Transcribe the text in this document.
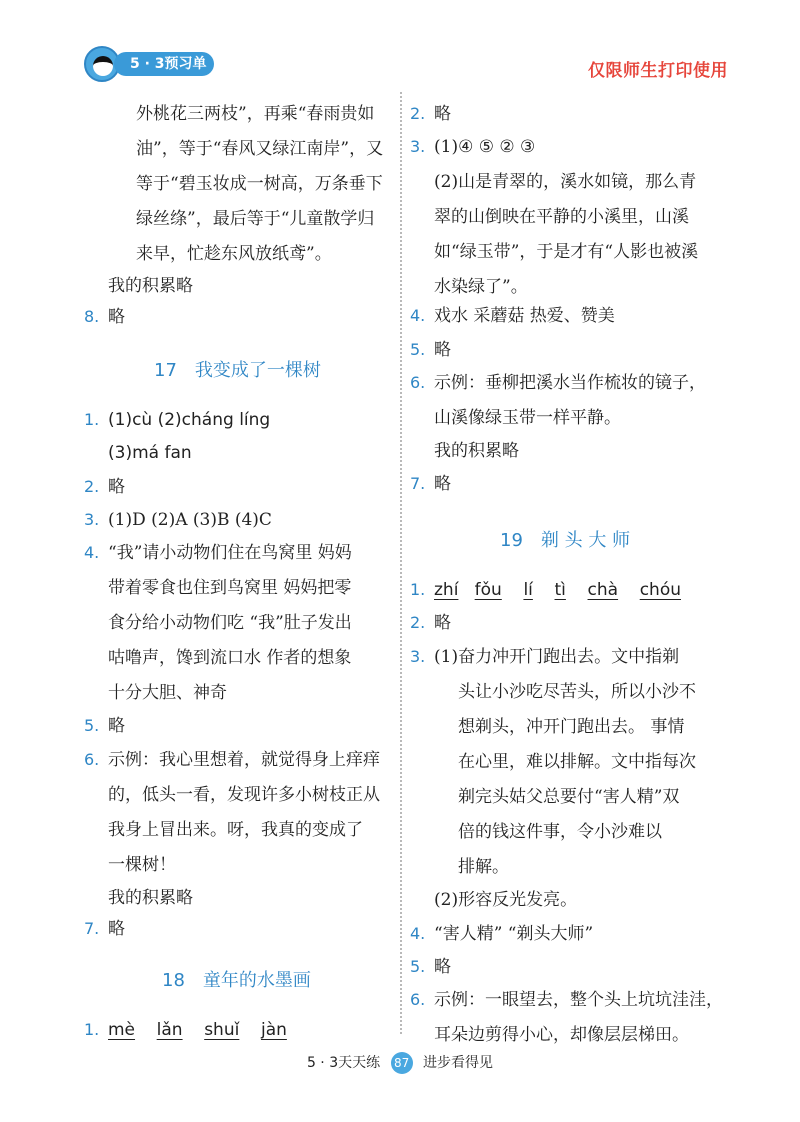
5 · 3预习单	仅限师生打印使用
外桃花三两枝”，再乘“春雨贵如
油”，等于“春风又绿江南岸”，又
等于“碧玉妆成一树高，万条垂下
绿丝绦”，最后等于“儿童散学归
来早，忙趁东风放纸鸢”。
我的积累略
8. 略
17 我变成了一棵树
1. (1)cù (2)cháng líng
(3)má fan
2. 略
3. (1)D (2)A (3)B (4)C
4. “我”请小动物们住在鸟窝里 妈妈
带着零食也住到鸟窝里 妈妈把零
食分给小动物们吃 “我”肚子发出
咕噜声，馋到流口水 作者的想象
十分大胆、神奇
5. 略
6. 示例：我心里想着，就觉得身上痒痒
的，低头一看，发现许多小树枝正从
我身上冒出来。呀，我真的变成了
一棵树！
我的积累略
7. 略
18 童年的水墨画
1. mè lǎn shuǐ jàn
2. 略
3. (1)④ ⑤ ② ③
(2)山是青翠的，溪水如镜，那么青
翠的山倒映在平静的小溪里，山溪
如“绿玉带”，于是才有“人影也被溪
水染绿了”。
4. 戏水 采蘑菇 热爱、赞美
5. 略
6. 示例：垂柳把溪水当作梳妆的镜子，
山溪像绿玉带一样平静。
我的积累略
7. 略
19 剃 头 大 师
1. zhí fǒu lí tì chà chóu
2. 略
3. (1)奋力冲开门跑出去。文中指剃
头让小沙吃尽苦头，所以小沙不
想剃头，冲开门跑出去。 事情
在心里，难以排解。文中指每次
剃完头姑父总要付“害人精”双
倍的钱这件事，令小沙难以
排解。
(2)形容反光发亮。
4. “害人精” “剃头大师”
5. 略
6. 示例：一眼望去，整个头上坑坑洼洼，
耳朵边剪得小心，却像层层梯田。
5 · 3天天练 87 进步看得见
